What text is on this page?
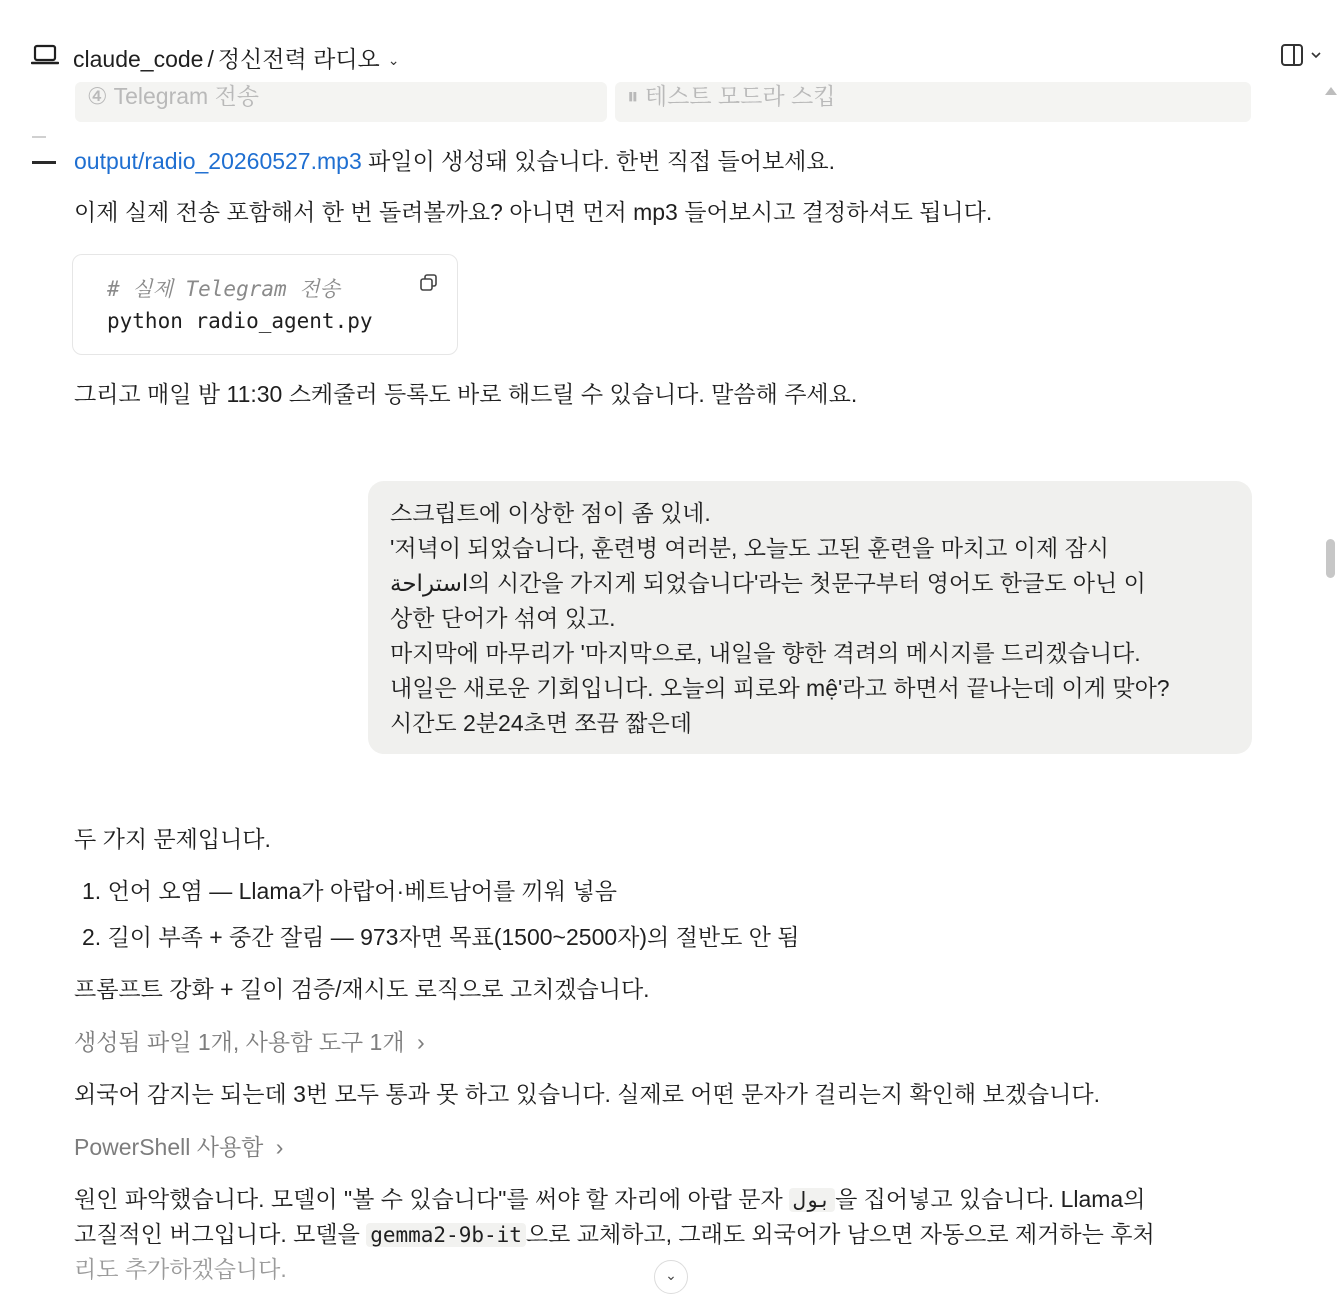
claude_code / 정신전력 라디오 ⌄
④ Telegram 전송	⏸ 테스트 모드라 스킵
output/radio_20260527.mp3 파일이 생성돼 있습니다. 한번 직접 들어보세요.
이제 실제 전송 포함해서 한 번 돌려볼까요? 아니면 먼저 mp3 들어보시고 결정하셔도 됩니다.
# 실제 Telegram 전송
python radio_agent.py
그리고 매일 밤 11:30 스케줄러 등록도 바로 해드릴 수 있습니다. 말씀해 주세요.
스크립트에 이상한 점이 좀 있네.
'저녁이 되었습니다, 훈련병 여러분, 오늘도 고된 훈련을 마치고 이제 잠시
استراحة의 시간을 가지게 되었습니다'라는 첫문구부터 영어도 한글도 아닌 이
상한 단어가 섞여 있고.
마지막에 마무리가 '마지막으로, 내일을 향한 격려의 메시지를 드리겠습니다.
내일은 새로운 기회입니다. 오늘의 피로와 mệ'라고 하면서 끝나는데 이게 맞아?
시간도 2분24초면 쪼끔 짧은데
두 가지 문제입니다.
1. 언어 오염 — Llama가 아랍어·베트남어를 끼워 넣음
2. 길이 부족 + 중간 잘림 — 973자면 목표(1500~2500자)의 절반도 안 됨
프롬프트 강화 + 길이 검증/재시도 로직으로 고치겠습니다.
생성됨 파일 1개, 사용함 도구 1개 ›
외국어 감지는 되는데 3번 모두 통과 못 하고 있습니다. 실제로 어떤 문자가 걸리는지 확인해 보겠습니다.
PowerShell 사용함 ›
원인 파악했습니다. 모델이 "볼 수 있습니다"를 써야 할 자리에 아랍 문자 بول 을 집어넣고 있습니다. Llama의
고질적인 버그입니다. 모델을 gemma2-9b-it 으로 교체하고, 그래도 외국어가 남으면 자동으로 제거하는 후처
리도 추가하겠습니다.	⌄
